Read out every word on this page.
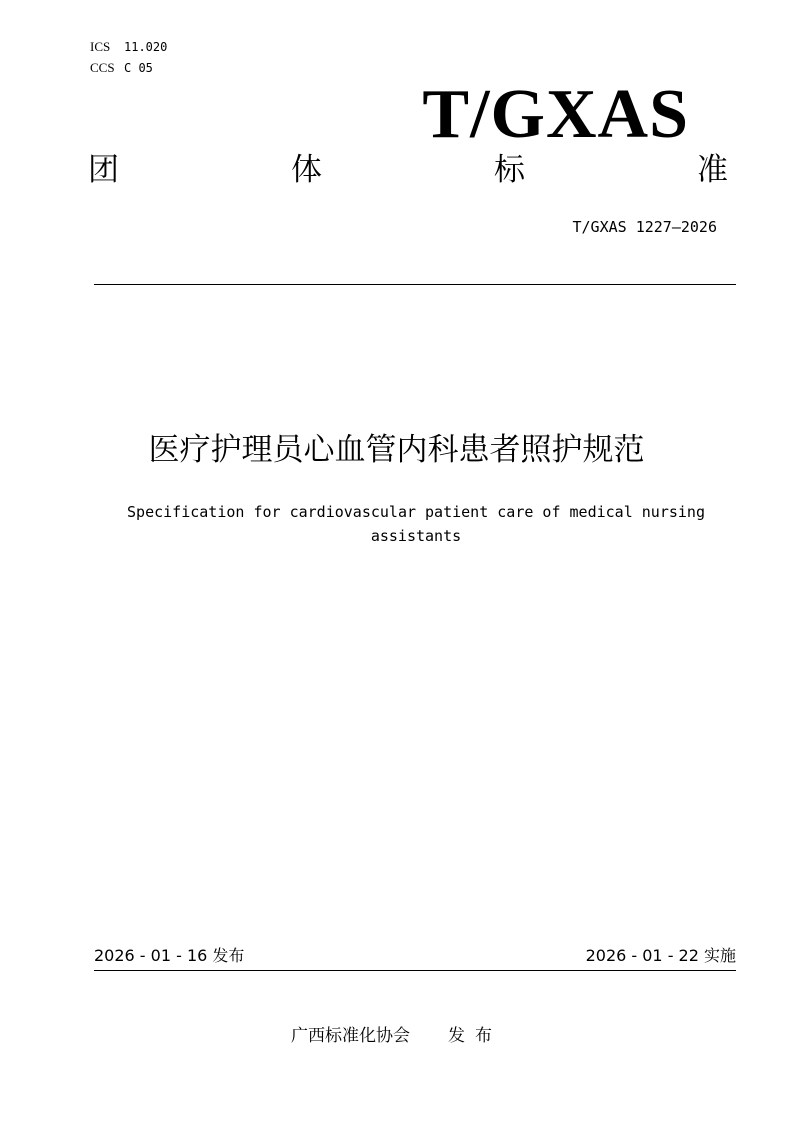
ICS 11.020
CCS C 05
T/GXAS
团	体	标	准
T/GXAS 1227—2026
医疗护理员心血管内科患者照护规范
Specification for cardiovascular patient care of medical nursing assistants
2026 - 01 - 16 发布	2026 - 01 - 22 实施
广西标准化协会 发布
